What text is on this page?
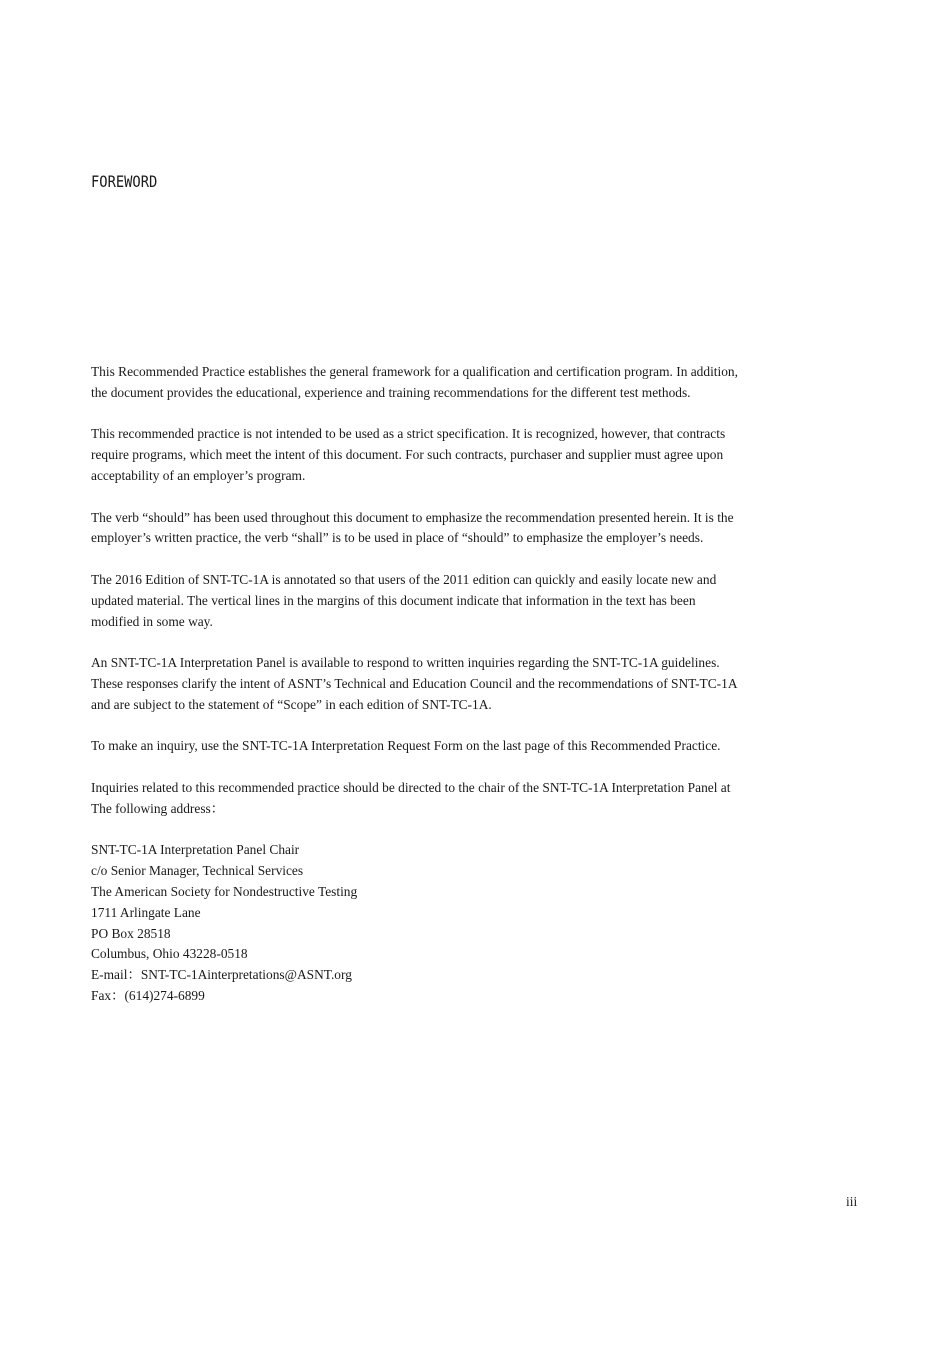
FOREWORD
This Recommended Practice establishes the general framework for a qualification and certification program. In addition,
the document provides the educational, experience and training recommendations for the different test methods.
This recommended practice is not intended to be used as a strict specification. It is recognized, however, that contracts
require programs, which meet the intent of this document. For such contracts, purchaser and supplier must agree upon
acceptability of an employer’s program.
The verb “should” has been used throughout this document to emphasize the recommendation presented herein. It is the
employer’s written practice, the verb “shall” is to be used in place of “should” to emphasize the employer’s needs.
The 2016 Edition of SNT-TC-1A is annotated so that users of the 2011 edition can quickly and easily locate new and
updated material. The vertical lines in the margins of this document indicate that information in the text has been
modified in some way.
An SNT-TC-1A Interpretation Panel is available to respond to written inquiries regarding the SNT-TC-1A guidelines.
These responses clarify the intent of ASNT’s Technical and Education Council and the recommendations of SNT-TC-1A
and are subject to the statement of “Scope” in each edition of SNT-TC-1A.
To make an inquiry, use the SNT-TC-1A Interpretation Request Form on the last page of this Recommended Practice.
Inquiries related to this recommended practice should be directed to the chair of the SNT-TC-1A Interpretation Panel at
The following address：
SNT-TC-1A Interpretation Panel Chair
c/o Senior Manager, Technical Services
The American Society for Nondestructive Testing
1711 Arlingate Lane
PO Box 28518
Columbus, Ohio 43228-0518
E-mail：SNT-TC-1Ainterpretations@ASNT.org
Fax：(614)274-6899
iii
